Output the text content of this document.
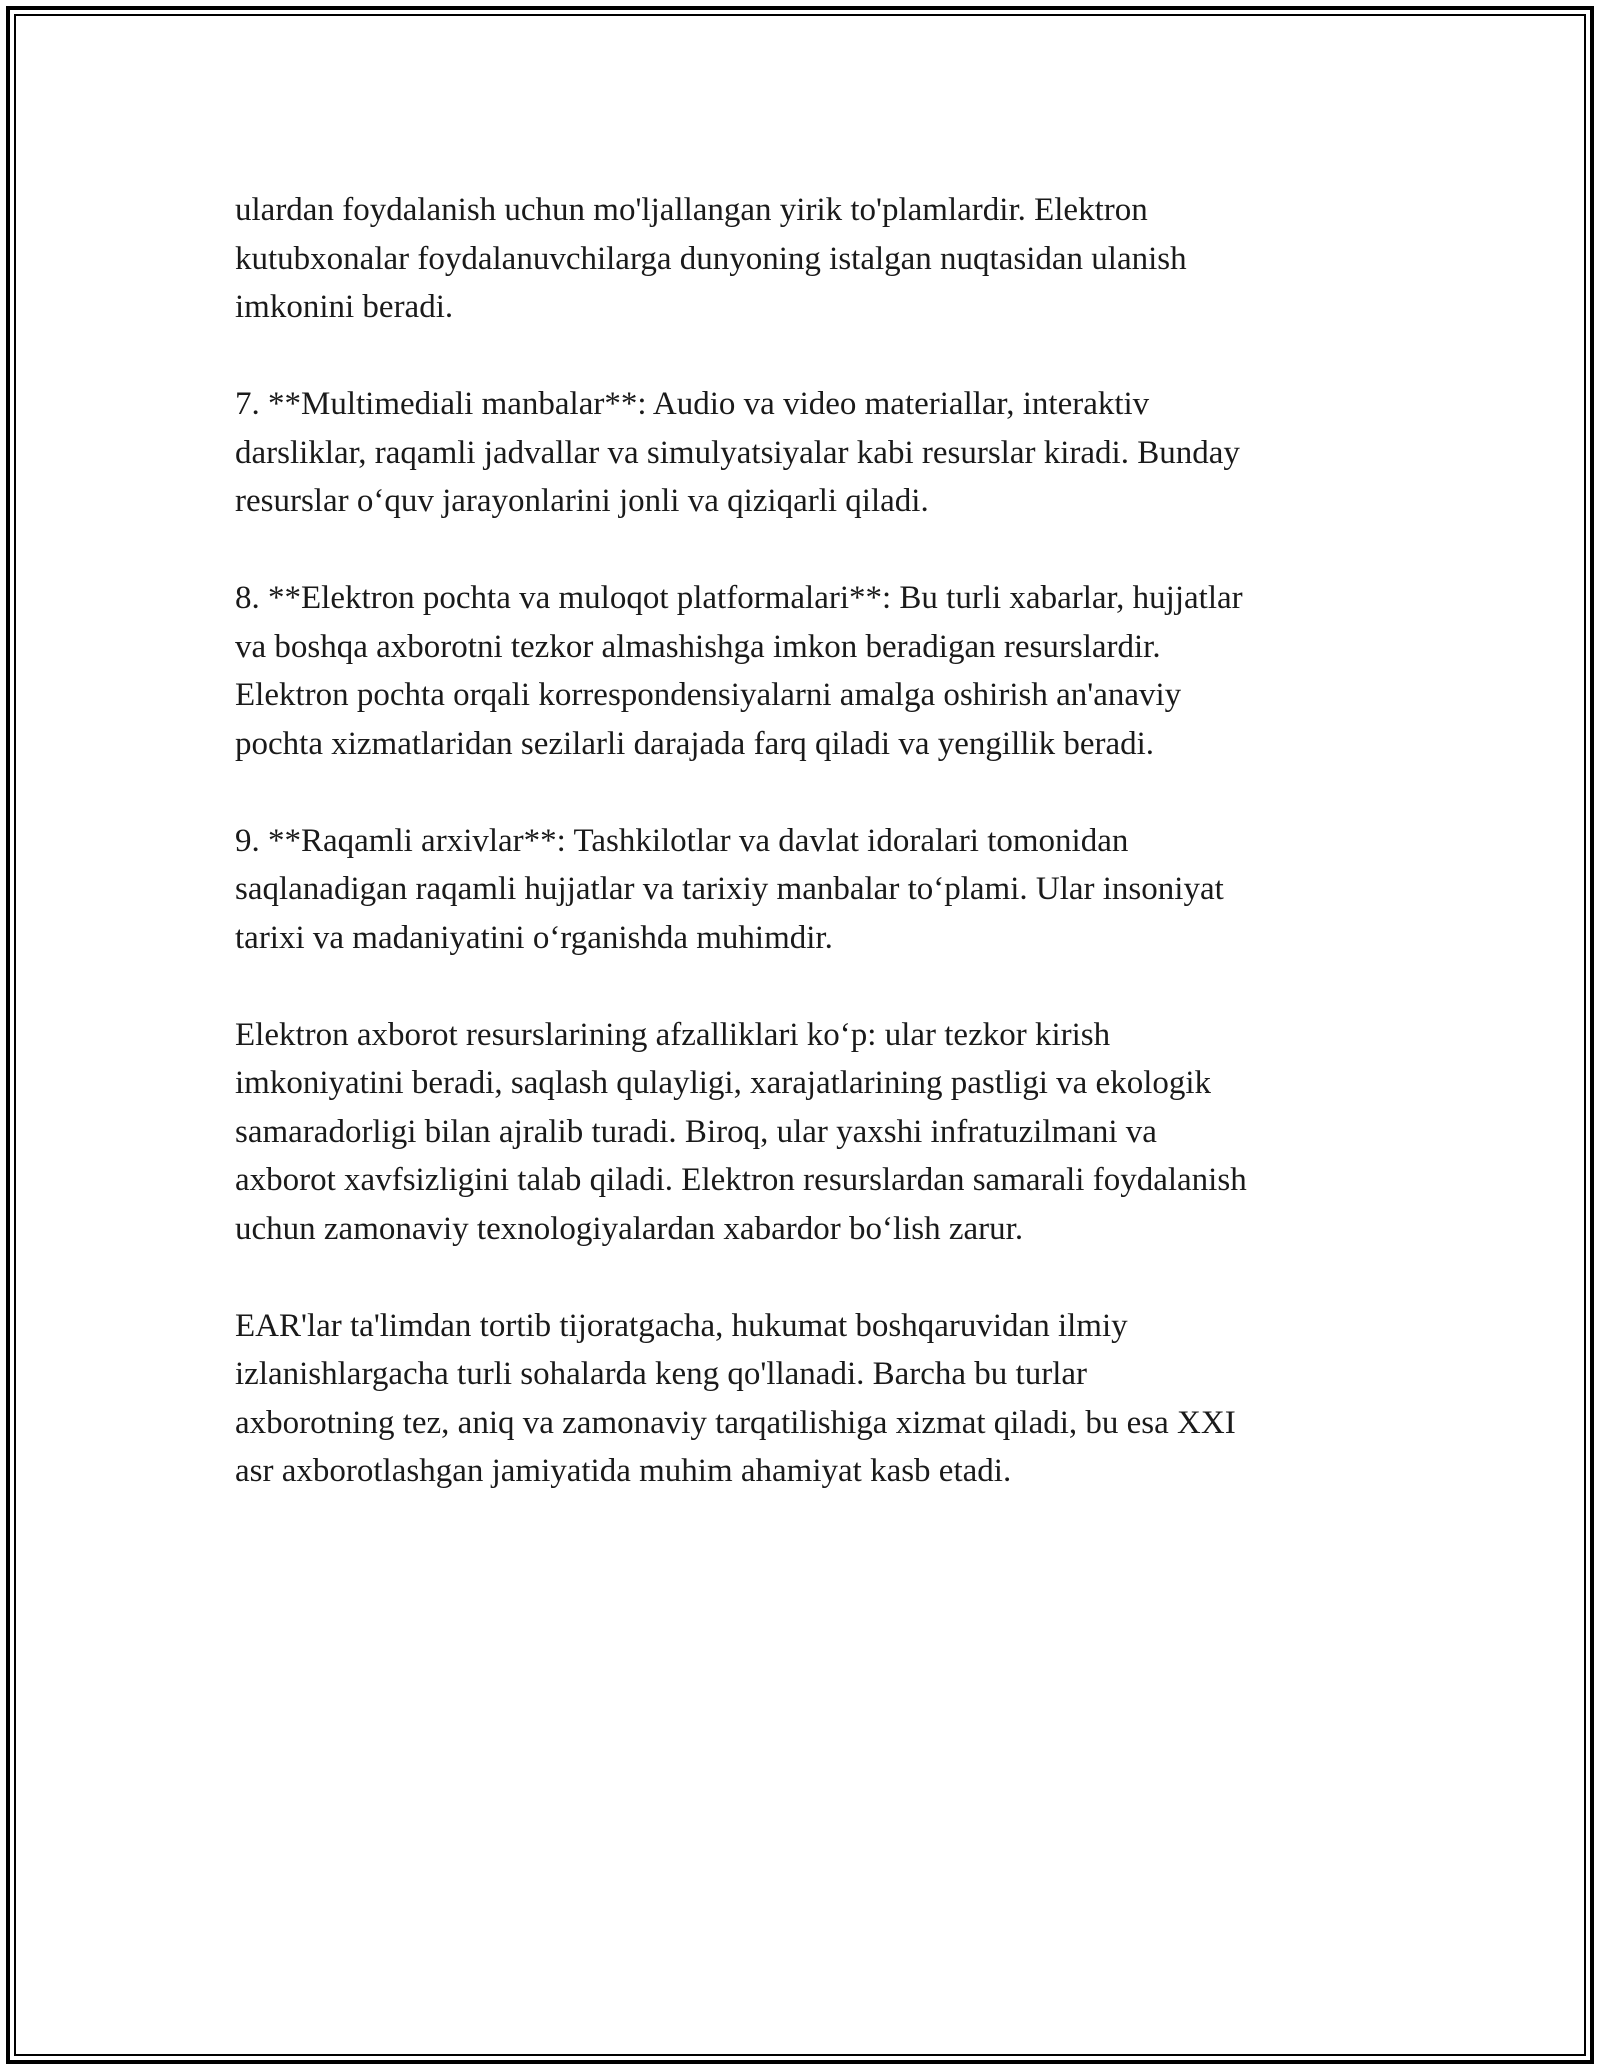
ulardan foydalanish uchun mo'ljallangan yirik to'plamlardir. Elektron
kutubxonalar foydalanuvchilarga dunyoning istalgan nuqtasidan ulanish
imkonini beradi.

7. **Multimediali manbalar**: Audio va video materiallar, interaktiv
darsliklar, raqamli jadvallar va simulyatsiyalar kabi resurslar kiradi. Bunday
resurslar o‘quv jarayonlarini jonli va qiziqarli qiladi.

8. **Elektron pochta va muloqot platformalari**: Bu turli xabarlar, hujjatlar
va boshqa axborotni tezkor almashishga imkon beradigan resurslardir.
Elektron pochta orqali korrespondensiyalarni amalga oshirish an'anaviy
pochta xizmatlaridan sezilarli darajada farq qiladi va yengillik beradi.

9. **Raqamli arxivlar**: Tashkilotlar va davlat idoralari tomonidan
saqlanadigan raqamli hujjatlar va tarixiy manbalar to‘plami. Ular insoniyat
tarixi va madaniyatini o‘rganishda muhimdir.

Elektron axborot resurslarining afzalliklari ko‘p: ular tezkor kirish
imkoniyatini beradi, saqlash qulayligi, xarajatlarining pastligi va ekologik
samaradorligi bilan ajralib turadi. Biroq, ular yaxshi infratuzilmani va
axborot xavfsizligini talab qiladi. Elektron resurslardan samarali foydalanish
uchun zamonaviy texnologiyalardan xabardor bo‘lish zarur.

EAR'lar ta'limdan tortib tijoratgacha, hukumat boshqaruvidan ilmiy
izlanishlargacha turli sohalarda keng qo'llanadi. Barcha bu turlar
axborotning tez, aniq va zamonaviy tarqatilishiga xizmat qiladi, bu esa XXI
asr axborotlashgan jamiyatida muhim ahamiyat kasb etadi.
